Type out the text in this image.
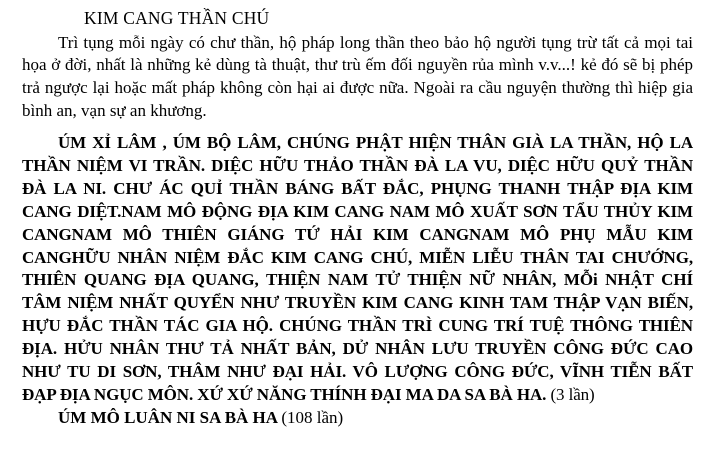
KIM CANG THẦN CHÚ

Trì tụng mỗi ngày có chư thần, hộ pháp long thần theo bảo hộ người tụng trừ tất cả mọi tai họa ở đời, nhất là những kẻ dùng tà thuật, thư trù ếm đối nguyền rủa mình v.v...! kẻ đó sẽ bị phép trả ngược lại hoặc mất pháp không còn hại ai được nữa. Ngoài ra cầu nguyện thường thì hiệp gia bình an, vạn sự an khương.

ÚM XỈ LÂM , ÚM BỘ LÂM, CHÚNG PHẬT HIỆN THÂN GIÀ LA THẦN, HỘ LA THẦN NIỆM VI TRẦN. DIỆC HỮU THẢO THẦN ĐÀ LA VU, DIỆC HỮU QUỶ THẦN ĐÀ LA NI. CHƯ ÁC QUỈ THẦN BÁNG BẤT ĐẮC, PHỤNG THANH THẬP ĐỊA KIM CANG DIỆT.NAM MÔ ĐỘNG ĐỊA KIM CANG NAM MÔ XUẤT SƠN TẨU THỦY KIM CANGNAM MÔ THIÊN GIÁNG TỨ HẢI KIM CANGNAM MÔ PHỤ MẪU KIM CANGHỮU NHÂN NIỆM ĐẮC KIM CANG CHÚ, MIỄN LIỄU THÂN TAI CHƯỚNG, THIÊN QUANG ĐỊA QUANG, THIỆN NAM TỬ THIỆN NỮ NHÂN, MỖi NHẬT CHÍ TÂM NIỆM NHẤT QUYỂN NHƯ TRUYỀN KIM CANG KINH TAM THẬP VẠN BIẾN, HỰU ĐẮC THẦN TÁC GIA HỘ. CHÚNG THẦN TRÌ CUNG TRÍ TUỆ THÔNG THIÊN ĐỊA. HỬU NHÂN THƯ TẢ NHẤT BẢN, DỬ NHÂN LƯU TRUYỀN CÔNG ĐỨC CAO NHƯ TU DI SƠN, THÂM NHƯ ĐẠI HẢI. VÔ LƯỢNG CÔNG ĐỨC, VĨNH TIỄN BẤT ĐẠP ĐỊA NGỤC MÔN. XỨ XỨ NĂNG THÍNH ĐẠI MA DA SA BÀ HA. (3 lần)

ÚM MÔ LUÂN NI SA BÀ HA (108 lần)
